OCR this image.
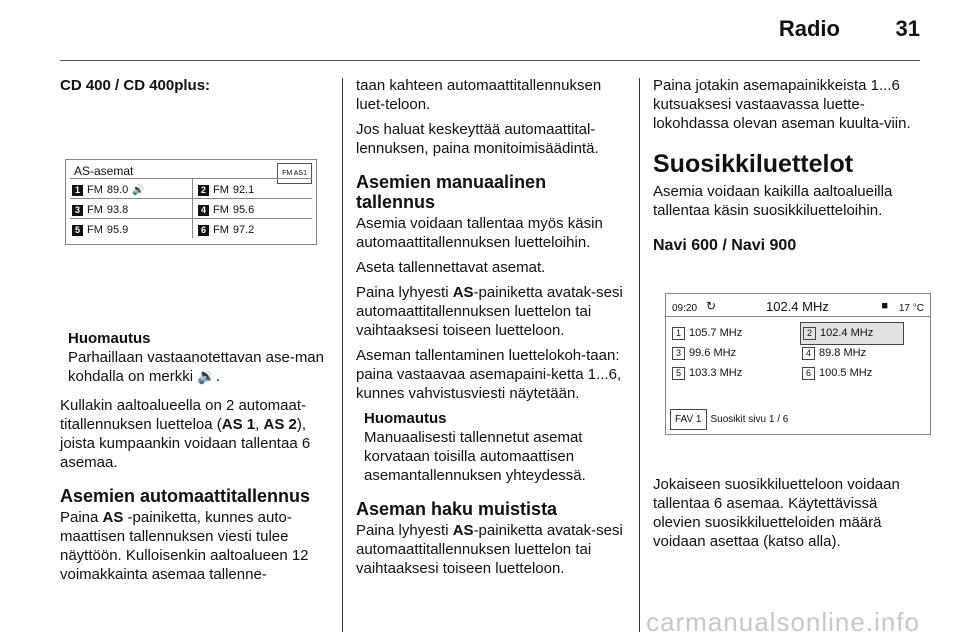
Radio	31
CD 400 / CD 400plus:
AS-asemat	FM AS1
1 FM 89.0 🔊	2 FM 92.1
3 FM 93.8	4 FM 95.6
5 FM 95.9	6 FM 97.2
Huomautus
Parhaillaan vastaanotettavan ase-man kohdalla on merkki 🔉.

Kullakin aaltoalueella on 2 automaat-titallennuksen luetteloa (AS 1, AS 2), joista kumpaankin voidaan tallentaa 6 asemaa.

Asemien automaattitallennus

Paina AS -painiketta, kunnes auto-maattisen tallennuksen viesti tulee näyttöön. Kulloisenkin aaltoalueen 12 voimakkainta asemaa tallenne-

taan kahteen automaattitallennuksen luet-teloon.

Jos haluat keskeyttää automaattital-lennuksen, paina monitoimisäädintä.

Asemien manuaalinen tallennus

Asemia voidaan tallentaa myös käsin automaattitallennuksen luetteloihin.

Aseta tallennettavat asemat.

Paina lyhyesti AS-painiketta avatak-sesi automaattitallennuksen luettelon tai vaihtaaksesi toiseen luetteloon.

Aseman tallentaminen luettelokoh-taan: paina vastaavaa asemapaini-ketta 1...6, kunnes vahvistusviesti näytetään.

Huomautus
Manuaalisesti tallennetut asemat korvataan toisilla automaattisen asemantallennuksen yhteydessä.
Aseman haku muistista

Paina lyhyesti AS-painiketta avatak-sesi automaattitallennuksen luettelon tai vaihtaaksesi toiseen luetteloon.

Paina jotakin asemapainikkeista 1...6 kutsuaksesi vastaavassa luette-lokohdassa olevan aseman kuulta-viin.

Suosikkiluettelot

Asemia voidaan kaikilla aaltoalueilla tallentaa käsin suosikkiluetteloihin.

Navi 600 / Navi 900
09:20 ↻	102.4 MHz	■ 17 °C
1 105.7 MHz	2 102.4 MHz
3 99.6 MHz	4 89.8 MHz
5 103.3 MHz	6 100.5 MHz
FAV 1 Suosikit sivu 1 / 6

Jokaiseen suosikkiluetteloon voidaan tallentaa 6 asemaa. Käytettävissä olevien suosikkiluetteloiden määrä voidaan asettaa (katso alla).

carmanualsonline.info
